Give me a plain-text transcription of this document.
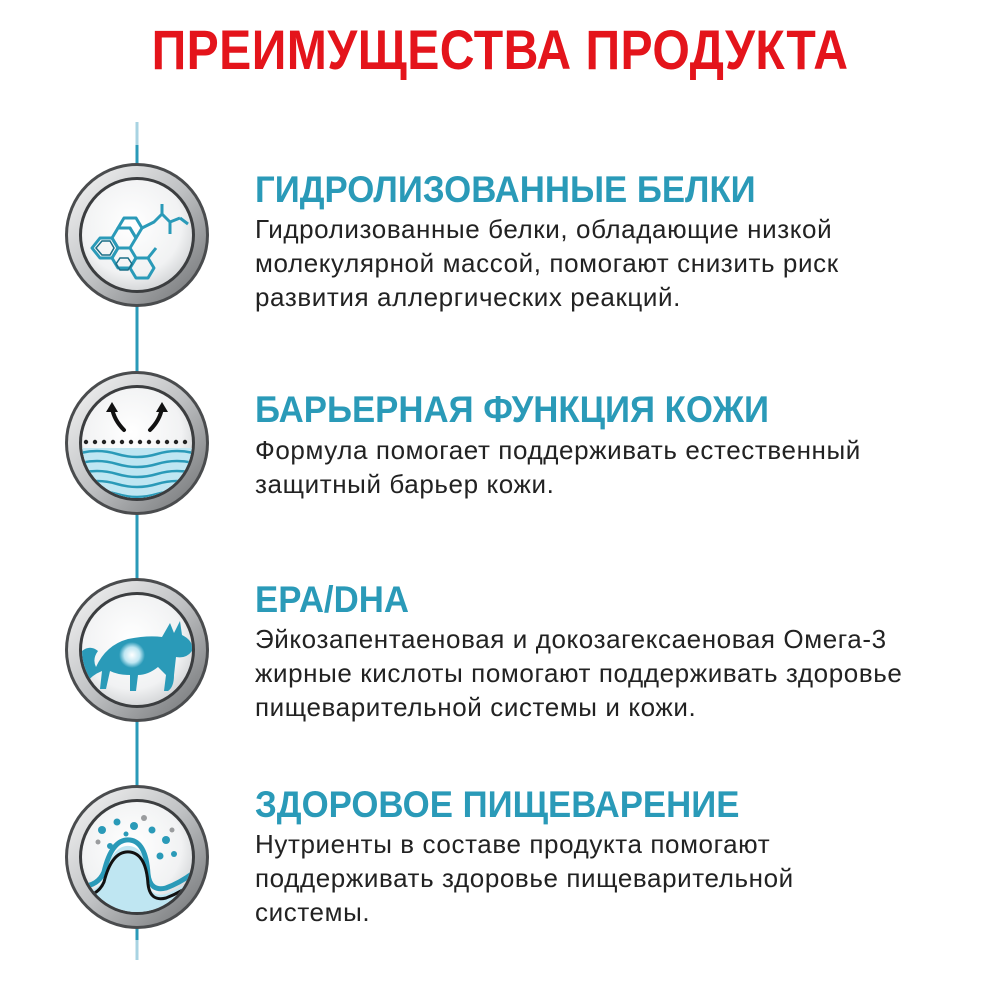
ПРЕИМУЩЕСТВА ПРОДУКТА
ГИДРОЛИЗОВАННЫЕ БЕЛКИ
Гидролизованные белки, обладающие низкой
молекулярной массой, помогают снизить риск
развития аллергических реакций.
БАРЬЕРНАЯ ФУНКЦИЯ КОЖИ
Формула помогает поддерживать естественный
защитный барьер кожи.
EPA/DHA
Эйкозапентаеновая и докозагексаеновая Омега-3
жирные кислоты помогают поддерживать здоровье
пищеварительной системы и кожи.
ЗДОРОВОЕ ПИЩЕВАРЕНИЕ
Нутриенты в составе продукта помогают
поддерживать здоровье пищеварительной
системы.
